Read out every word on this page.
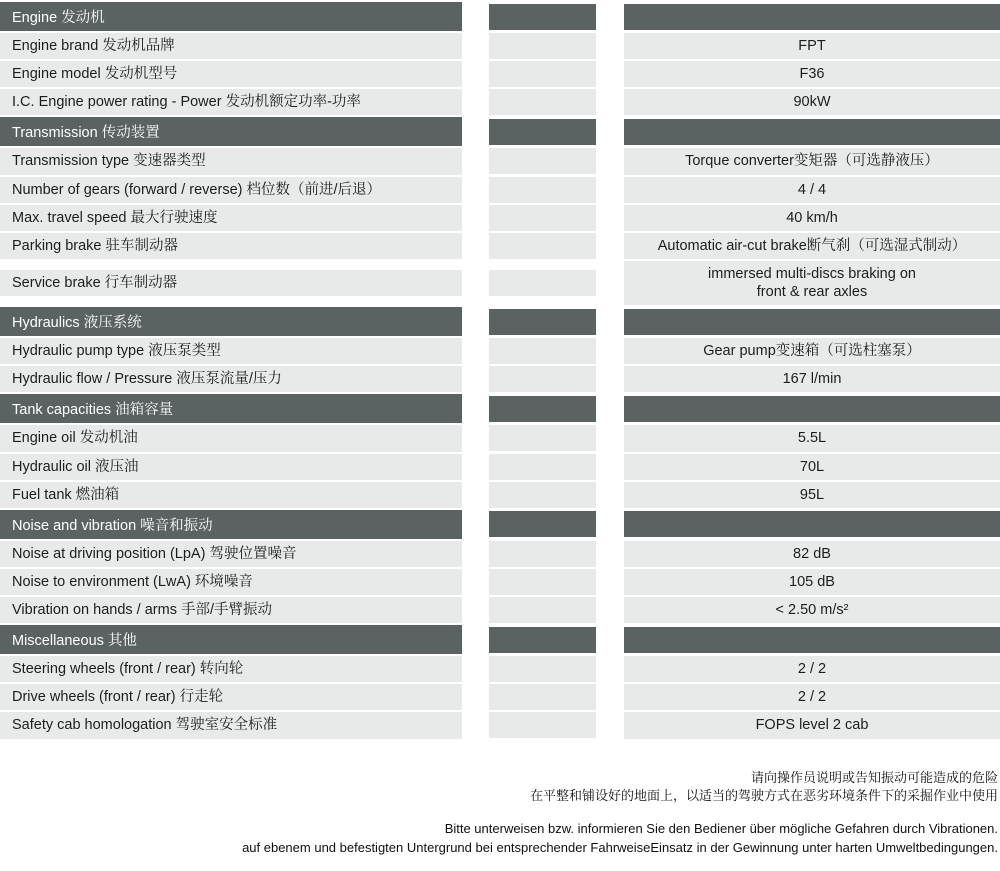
Engine 发动机				

Engine brand 发动机品牌				FPT

Engine model 发动机型号				F36

I.C. Engine power rating - Power 发动机额定功率-功率				90kW

Transmission 传动装置				

Transmission type 变速器类型				Torque converter变矩器（可选静液压）

Number of gears (forward / reverse) 档位数（前进/后退）				4 / 4

Max. travel speed 最大行驶速度				40 km/h

Parking brake 驻车制动器				Automatic air-cut brake断气刹（可选湿式制动）

Service brake 行车制动器				immersed multi-discs braking on
front & rear axles

Hydraulics 液压系统				

Hydraulic pump type 液压泵类型				Gear pump变速箱（可选柱塞泵）

Hydraulic flow / Pressure 液压泵流量/压力				167 l/min

Tank capacities 油箱容量				

Engine oil 发动机油				5.5L

Hydraulic oil 液压油				70L

Fuel tank 燃油箱				95L

Noise and vibration 噪音和振动				

Noise at driving position (LpA) 驾驶位置噪音				82 dB

Noise to environment (LwA) 环境噪音				105 dB

Vibration on hands / arms 手部/手臂振动				< 2.50 m/s²

Miscellaneous 其他				

Steering wheels (front / rear) 转向轮				2 / 2

Drive wheels (front / rear) 行走轮				2 / 2

Safety cab homologation 驾驶室安全标准				FOPS level 2 cab
请向操作员说明或告知振动可能造成的危险
在平整和铺设好的地面上，以适当的驾驶方式在恶劣环境条件下的采掘作业中使用
Bitte unterweisen bzw. informieren Sie den Bediener über mögliche Gefahren durch Vibrationen.
auf ebenem und befestigten Untergrund bei entsprechender FahrweiseEinsatz in der Gewinnung unter harten Umweltbedingungen.
